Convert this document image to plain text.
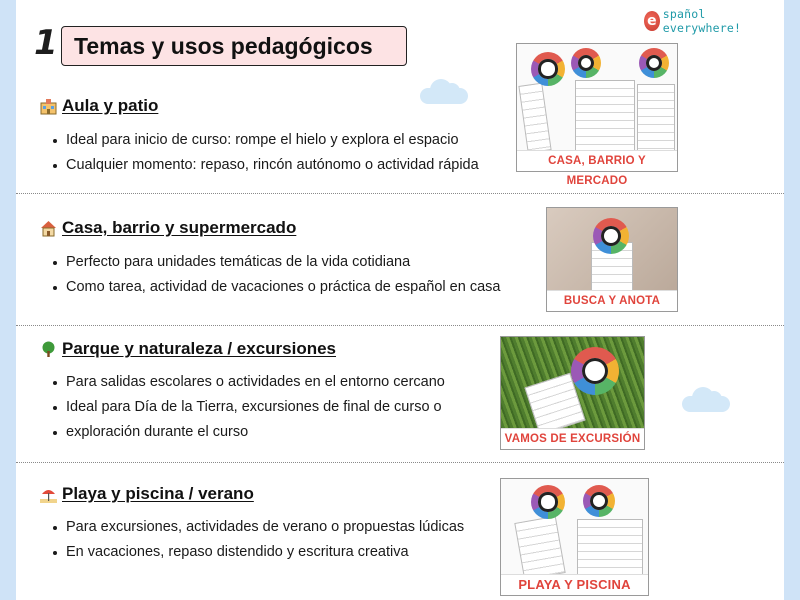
1 Temas y usos pedagógicos
e spañol everywhere!
Aula y patio
Ideal para inicio de curso: rompe el hielo y explora el espacio
Cualquier momento: repaso, rincón autónomo o actividad rápida	CASA, BARRIO Y MERCADO
Casa, barrio y supermercado
Perfecto para unidades temáticas de la vida cotidiana
Como tarea, actividad de vacaciones o práctica de español en casa
BUSCA Y ANOTA
Parque y naturaleza / excursiones
Para salidas escolares o actividades en el entorno cercano
Ideal para Día de la Tierra, excursiones de final de curso o
exploración durante el curso	VAMOS DE EXCURSIÓN
Playa y piscina / verano
Para excursiones, actividades de verano o propuestas lúdicas
En vacaciones, repaso distendido y escritura creativa
PLAYA Y PISCINA
